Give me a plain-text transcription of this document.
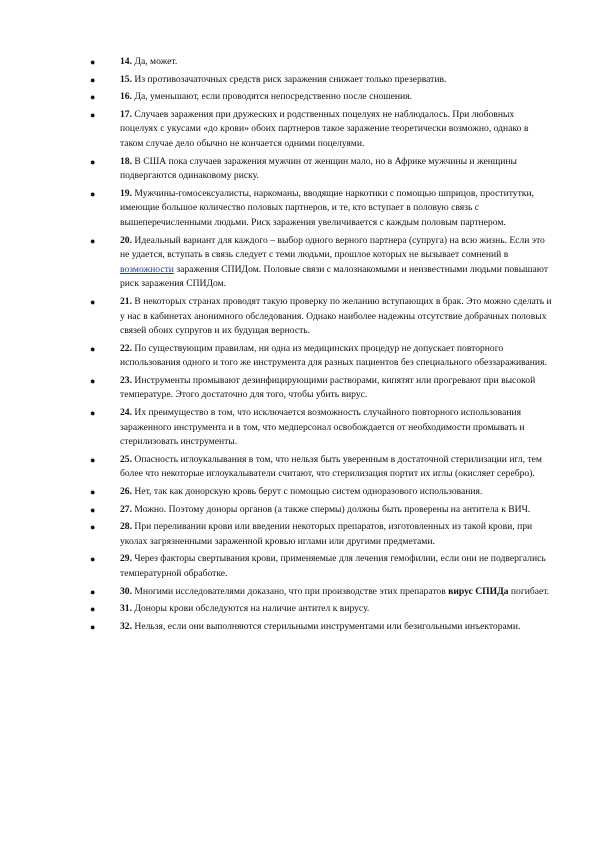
●	14. Да, может.
●	15. Из противозачаточных средств риск заражения снижает только презерватив.
●	16. Да, уменьшают, если проводятся непосредственно после сношения.
●	17. Случаев заражения при дружеских и родственных поцелуях не наблюдалось. При любовных поцелуях с укусами «до крови» обоих партнеров такое заражение теоретически возможно, однако в таком случае дело обычно не кончается одними поцелуями.
●	18. В США пока случаев заражения мужчин от женщин мало, но в Африке мужчины и женщины подвергаются одинаковому риску.
●	19. Мужчины-гомосексуалисты, наркоманы, вводящие наркотики с помощью шприцов, проститутки, имеющие большое количество половых партнеров, и те, кто вступает в половую связь с вышеперечисленными людьми. Риск заражения увеличивается с каждым половым партнером.
●	20. Идеальный вариант для каждого – выбор одного верного партнера (супруга) на всю жизнь. Если это не удается, вступать в связь следует с теми людьми, прошлое которых не вызывает сомнений в возможности заражения СПИДом. Половые связи с малознакомыми и неизвестными людьми повышают риск заражения СПИДом.
●	21. В некоторых странах проводят такую проверку по желанию вступающих в брак. Это можно сделать и у нас в кабинетах анонимного обследования. Однако наиболее надежны отсутствие добрачных половых связей обоих супругов и их будущая верность.
●	22. По существующим правилам, ни одна из медицинских процедур не допускает повторного использования одного и того же инструмента для разных пациентов без специального обеззараживания.
●	23. Инструменты промывают дезинфицирующими растворами, кипятят или прогревают при высокой температуре. Этого достаточно для того, чтобы убить вирус.
●	24. Их преимущество в том, что исключается возможность случайного повторного использования зараженного инструмента и в том, что медперсонал освобождается от необходимости промывать и стерилизовать инструменты.
●	25. Опасность иглоукалывания в том, что нельзя быть уверенным в достаточной стерилизации игл, тем более что некоторые иглоукалыватели считают, что стерилизация портит их иглы (окисляет серебро).
●	26. Нет, так как донорскую кровь берут с помощью систем одноразового использования.
●	27. Можно. Поэтому доноры органов (а также спермы) должны быть проверены на антитела к ВИЧ.
●	28. При переливании крови или введении некоторых препаратов, изготовленных из такой крови, при уколах загрязненными зараженной кровью иглами или другими предметами.
●	29. Через факторы свертывания крови, применяемые для лечения гемофилии, если они не подвергались температурной обработке.
●	30. Многими исследователями доказано, что при производстве этих препаратов вирус СПИДа погибает.
●	31. Доноры крови обследуются на наличие антител к вирусу.
●	32. Нельзя, если они выполняются стерильными инструментами или безигольными инъекторами.
